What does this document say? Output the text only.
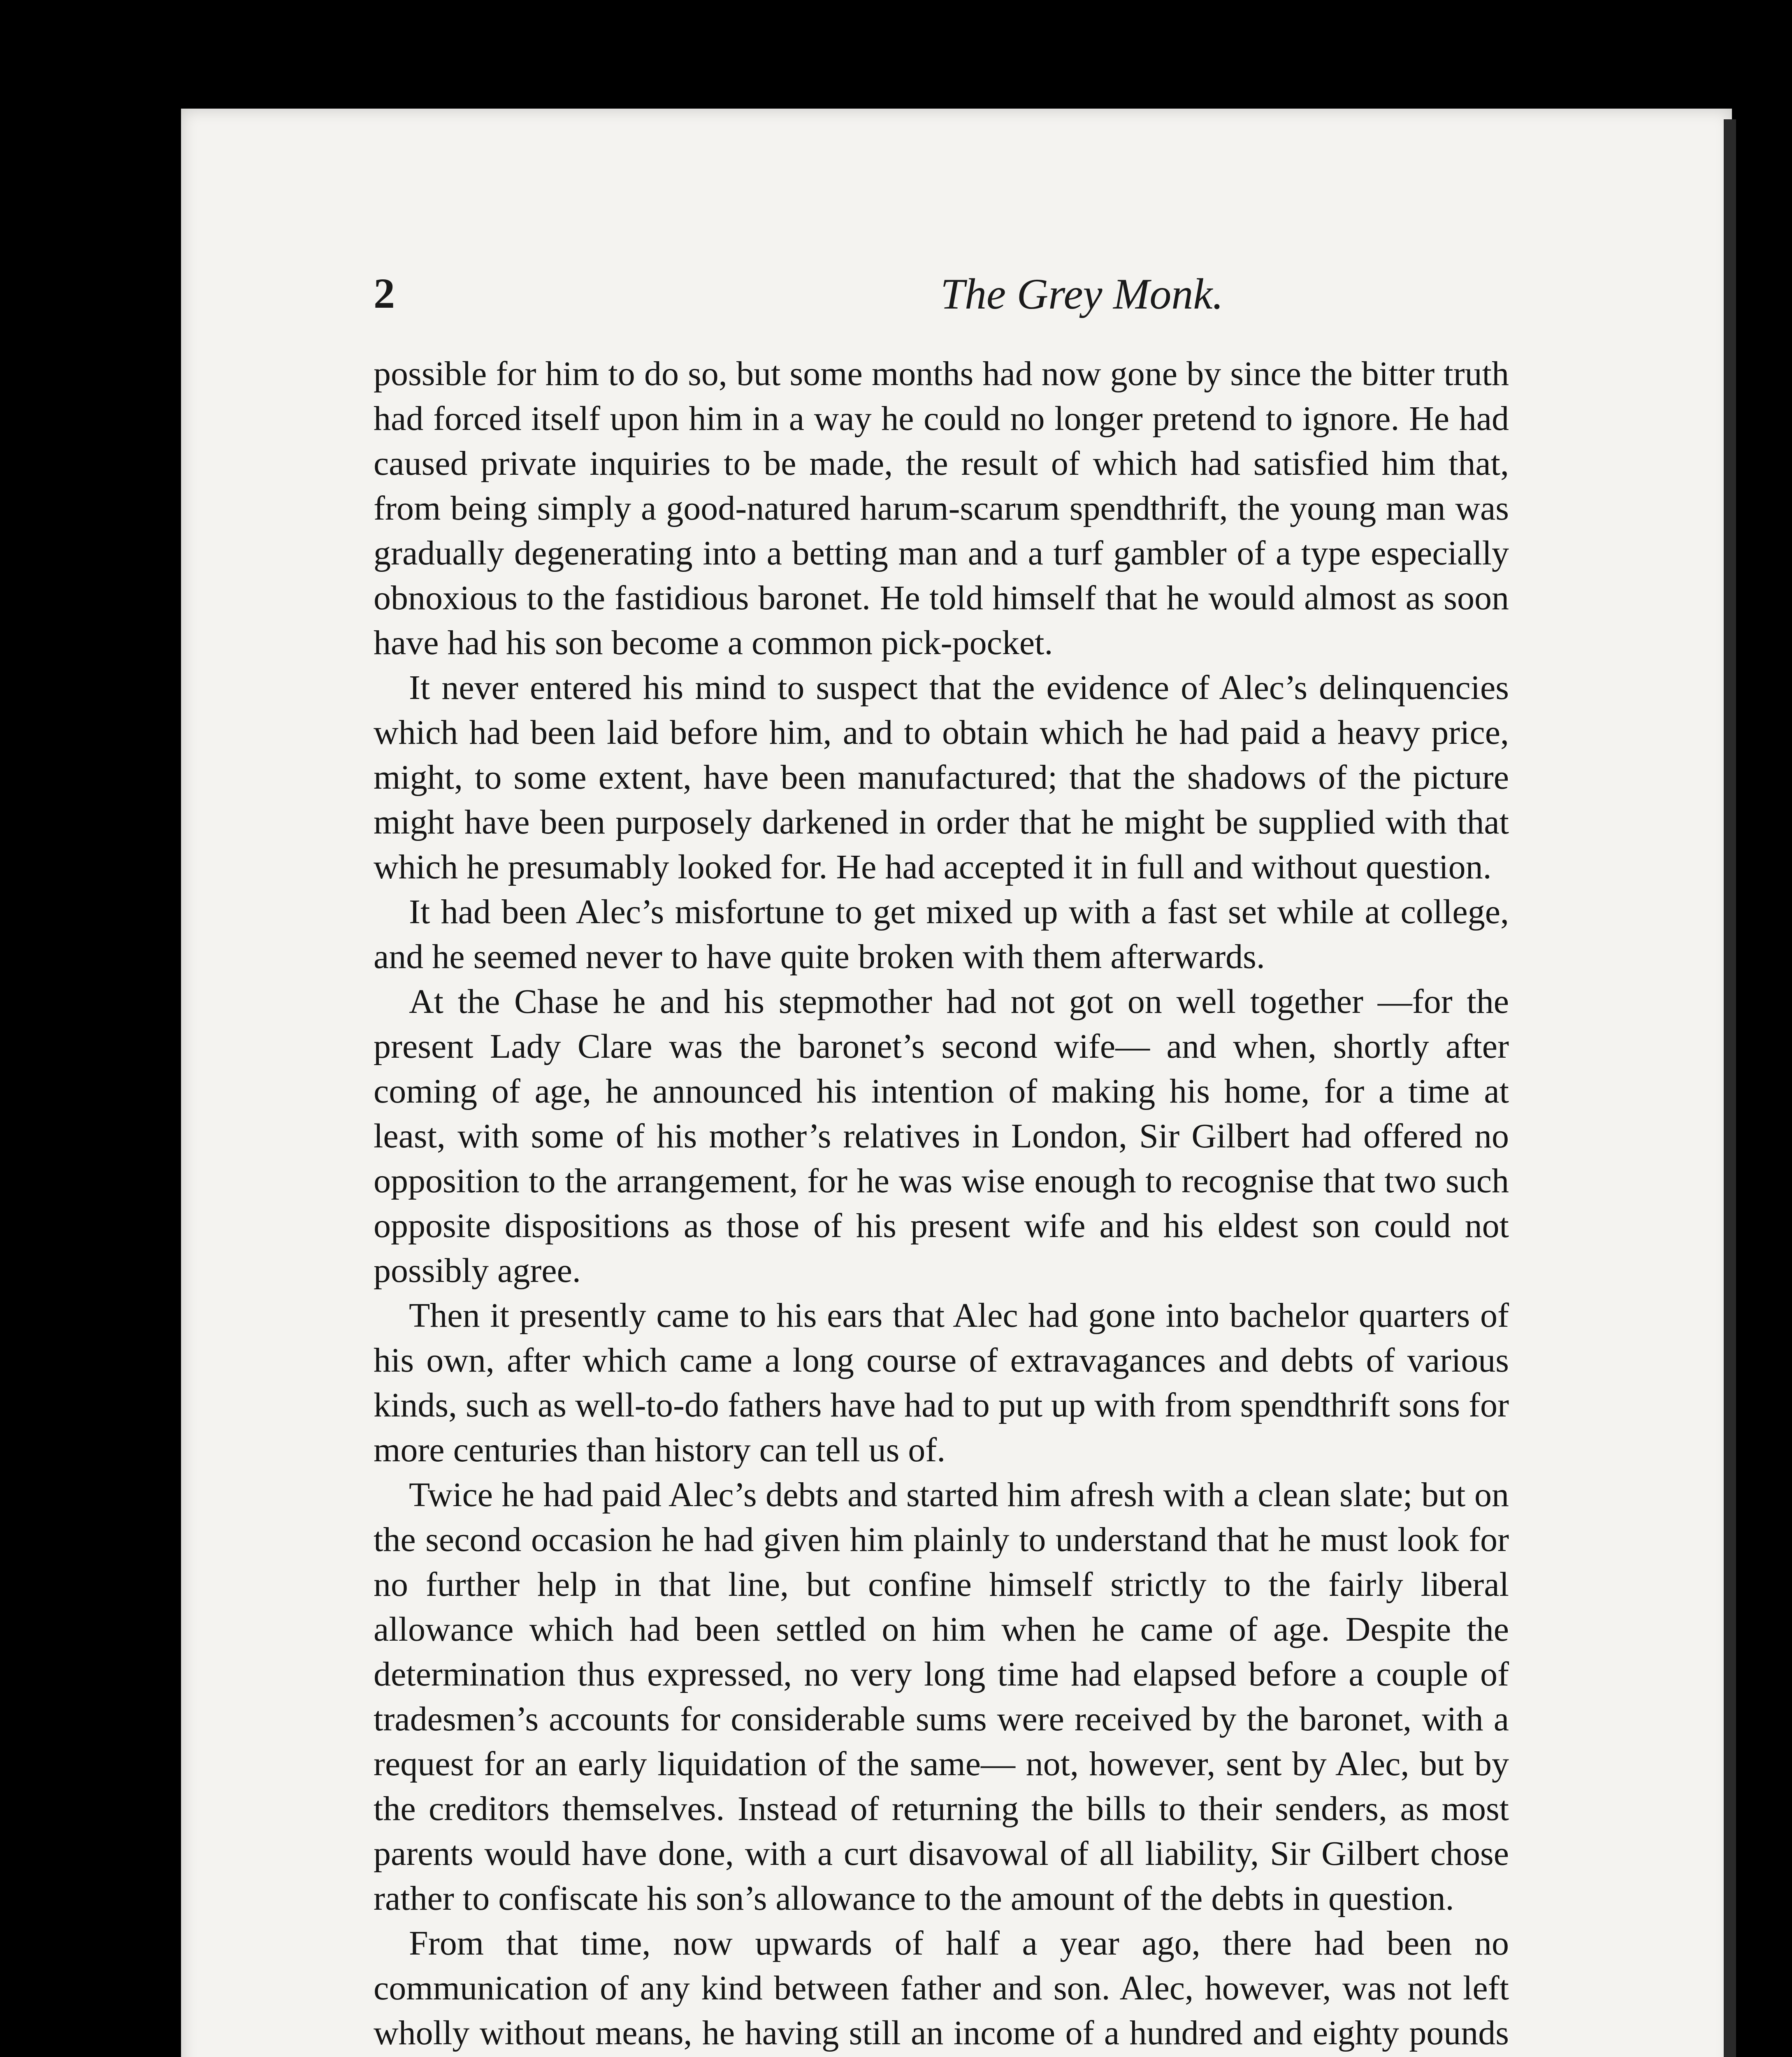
2	The Grey Monk.

possible for him to do so, but some months had now gone by since the bitter truth had forced itself upon him in a way he could no longer pretend to ignore. He had caused private inquiries to be made, the result of which had satisfied him that, from being simply a good-natured harum-scarum spendthrift, the young man was gradually degenerating into a betting man and a turf gambler of a type especially obnoxious to the fastidious baronet. He told himself that he would almost as soon have had his son become a common pick-pocket.

It never entered his mind to suspect that the evidence of Alec’s delinquencies which had been laid before him, and to obtain which he had paid a heavy price, might, to some extent, have been manufactured; that the shadows of the picture might have been purposely darkened in order that he might be supplied with that which he presumably looked for. He had accepted it in full and without question.

It had been Alec’s misfortune to get mixed up with a fast set while at college, and he seemed never to have quite broken with them afterwards.

At the Chase he and his stepmother had not got on well together —for the present Lady Clare was the baronet’s second wife— and when, shortly after coming of age, he announced his intention of making his home, for a time at least, with some of his mother’s relatives in London, Sir Gilbert had offered no opposition to the arrangement, for he was wise enough to recognise that two such opposite dispositions as those of his present wife and his eldest son could not possibly agree.

Then it presently came to his ears that Alec had gone into bachelor quarters of his own, after which came a long course of extravagances and debts of various kinds, such as well-to-do fathers have had to put up with from spendthrift sons for more centuries than history can tell us of.

Twice he had paid Alec’s debts and started him afresh with a clean slate; but on the second occasion he had given him plainly to understand that he must look for no further help in that line, but confine himself strictly to the fairly liberal allowance which had been settled on him when he came of age. Despite the determination thus expressed, no very long time had elapsed before a couple of tradesmen’s accounts for considerable sums were received by the baronet, with a request for an early liquidation of the same— not, however, sent by Alec, but by the creditors themselves. Instead of returning the bills to their senders, as most parents would have done, with a curt disavowal of all liability, Sir Gilbert chose rather to confiscate his son’s allowance to the amount of the debts in question.

From that time, now upwards of half a year ago, there had been no communication of any kind between father and son. Alec, however, was not left wholly without means, he having still an income of a hundred and eighty pounds
